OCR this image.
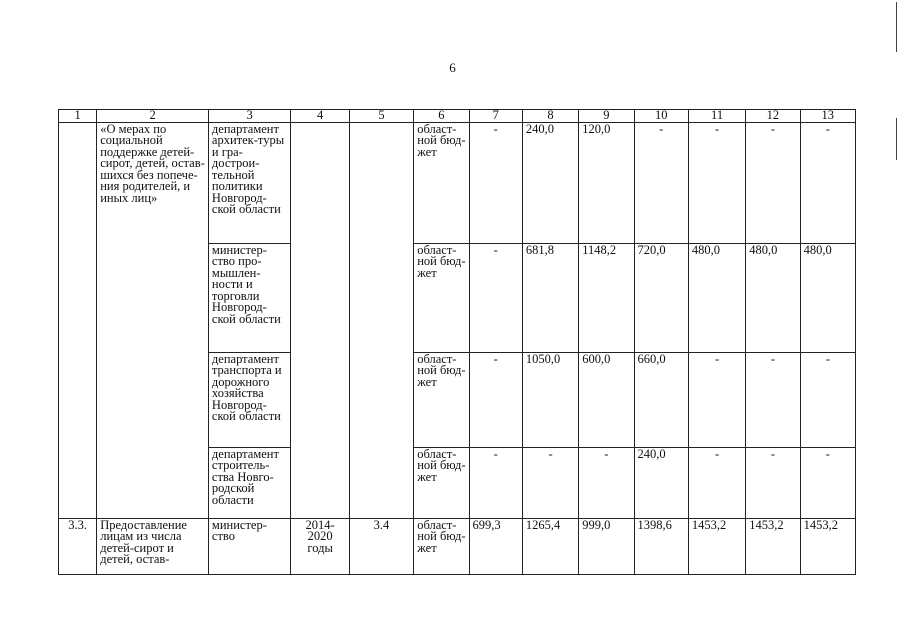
6
1	2	3	4	5	6	7	8	9	10	11	12	13
	«О мерах по социальной поддержке детей-сирот, детей, остав-шихся без попече-ния родителей, и иных лиц»	департамент архитек-туры и гра-дострои-тельной политики Новгород-ской области			област-ной бюд-жет	-	240,0	120,0	-	-	-	-
		министер-ство про-мышлен-ности и торговли Новгород-ской области			област-ной бюд-жет	-	681,8	1148,2	720,0	480,0	480,0	480,0
		департамент транспорта и дорожного хозяйства Новгород-ской области			област-ной бюд-жет	-	1050,0	600,0	660,0	-	-	-
		департамент строитель-ства Новго-родской области			област-ной бюд-жет	-	-	-	240,0	-	-	-
3.3.	Предоставление лицам из числа детей-сирот и детей, остав-	министер-ство	2014-2020 годы	3.4	област-ной бюд-жет	699,3	1265,4	999,0	1398,6	1453,2	1453,2	1453,2
